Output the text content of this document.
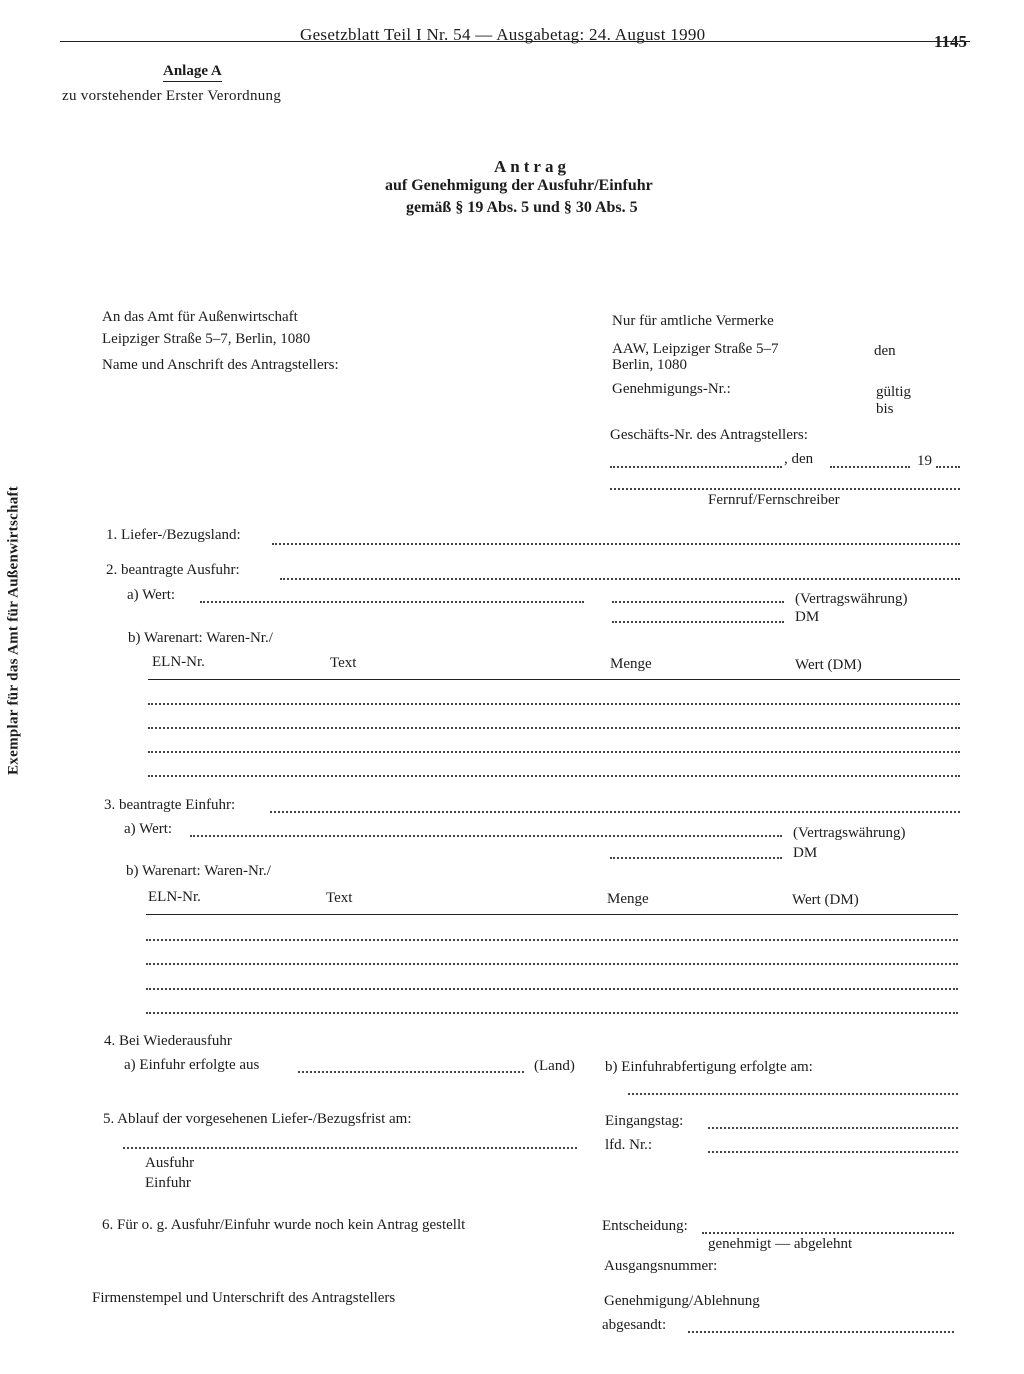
Gesetzblatt Teil I Nr. 54 — Ausgabetag: 24. August 1990	1145
Anlage A
zu vorstehender Erster Verordnung
Antrag
auf Genehmigung der Ausfuhr/Einfuhr
gemäß § 19 Abs. 5 und § 30 Abs. 5
Exemplar für das Amt für Außenwirtschaft
An das Amt für Außenwirtschaft
Leipziger Straße 5–7, Berlin, 1080
Name und Anschrift des Antragstellers:
Nur für amtliche Vermerke
AAW, Leipziger Straße 5–7
Berlin, 1080
den
Genehmigungs-Nr.:	gültig
bis
Geschäfts-Nr. des Antragstellers:
, den	19
Fernruf/Fernschreiber
1. Liefer-/Bezugsland:
2. beantragte Ausfuhr:
a) Wert:	(Vertragswährung)
DM
b) Warenart: Waren-Nr./
ELN-Nr.	Text	Menge	Wert (DM)
3. beantragte Einfuhr:
a) Wert:	(Vertragswährung)
DM
b) Warenart: Waren-Nr./
ELN-Nr.	Text	Menge	Wert (DM)
4. Bei Wiederausfuhr
a) Einfuhr erfolgte aus	(Land) b) Einfuhrabfertigung erfolgte am:
5. Ablauf der vorgesehenen Liefer-/Bezugsfrist am:
Ausfuhr
Einfuhr
Eingangstag:
lfd. Nr.:
6. Für o. g. Ausfuhr/Einfuhr wurde noch kein Antrag gestellt	Entscheidung:
genehmigt — abgelehnt
Ausgangsnummer:
Firmenstempel und Unterschrift des Antragstellers	Genehmigung/Ablehnung
abgesandt:
